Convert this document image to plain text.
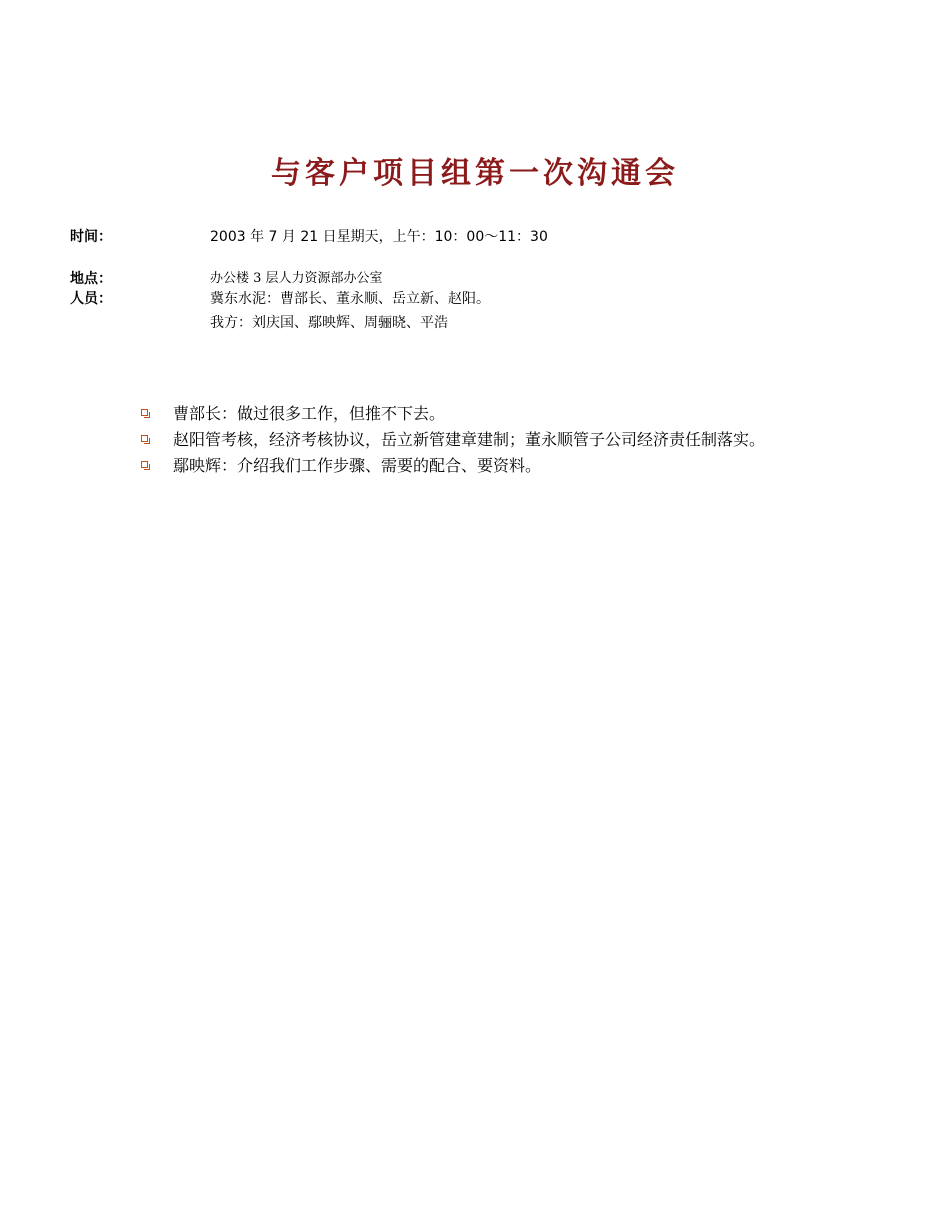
与客户项目组第一次沟通会
时间：	2003 年 7 月 21 日星期天，上午：10：00～11：30
地点：	办公楼 3 层人力资源部办公室
人员：	冀东水泥：曹部长、董永顺、岳立新、赵阳。
我方：刘庆国、鄢映辉、周骊晓、平浩
曹部长：做过很多工作，但推不下去。
赵阳管考核，经济考核协议，岳立新管建章建制；董永顺管子公司经济责任制落实。
鄢映辉：介绍我们工作步骤、需要的配合、要资料。
